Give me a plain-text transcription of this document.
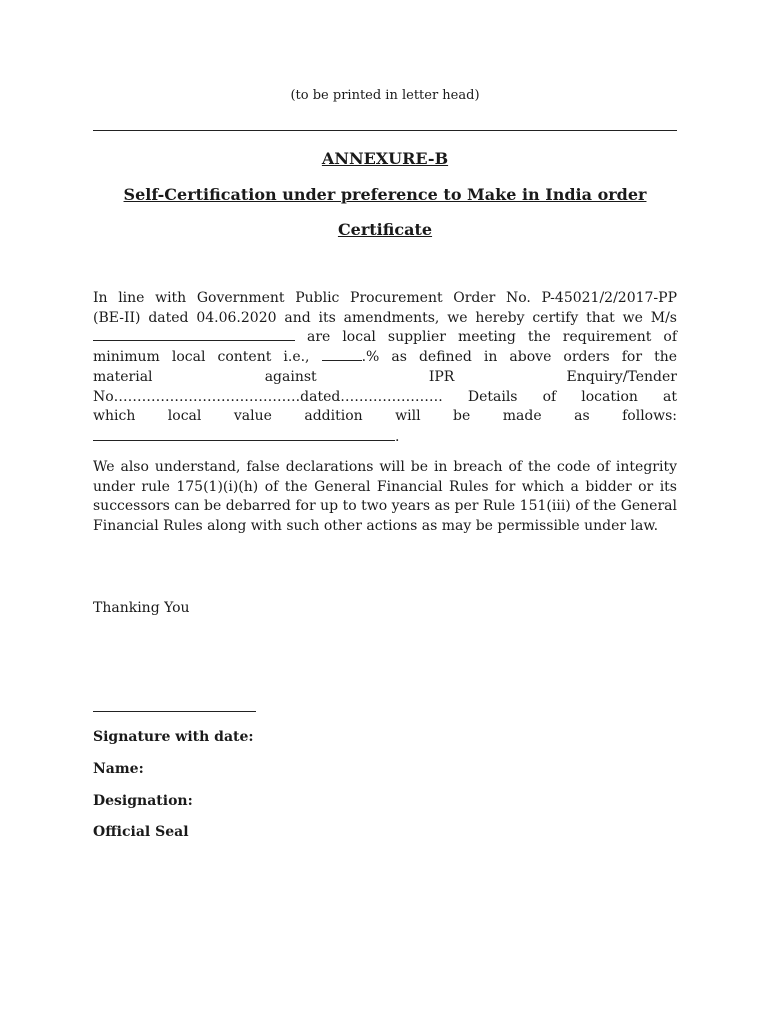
(to be printed in letter head)
ANNEXURE-B
Self-Certification under preference to Make in India order
Certificate
In line with Government Public Procurement Order No. P-45021/2/2017-PP
(BE-II) dated 04.06.2020 and its amendments, we hereby certify that we M/s
are local supplier meeting the requirement of
minimum local content i.e.,	.% as defined in above orders for the
material against IPR Enquiry/Tender
No………………………………….dated…………………. Details of location at
which local value addition will be made as follows:
.

We also understand, false declarations will be in breach of the code of integrity under rule 175(1)(i)(h) of the General Financial Rules for which a bidder or its successors can be debarred for up to two years as per Rule 151(iii) of the General Financial Rules along with such other actions as may be permissible under law.

Thanking You
Signature with date:
Name:
Designation:
Official Seal
